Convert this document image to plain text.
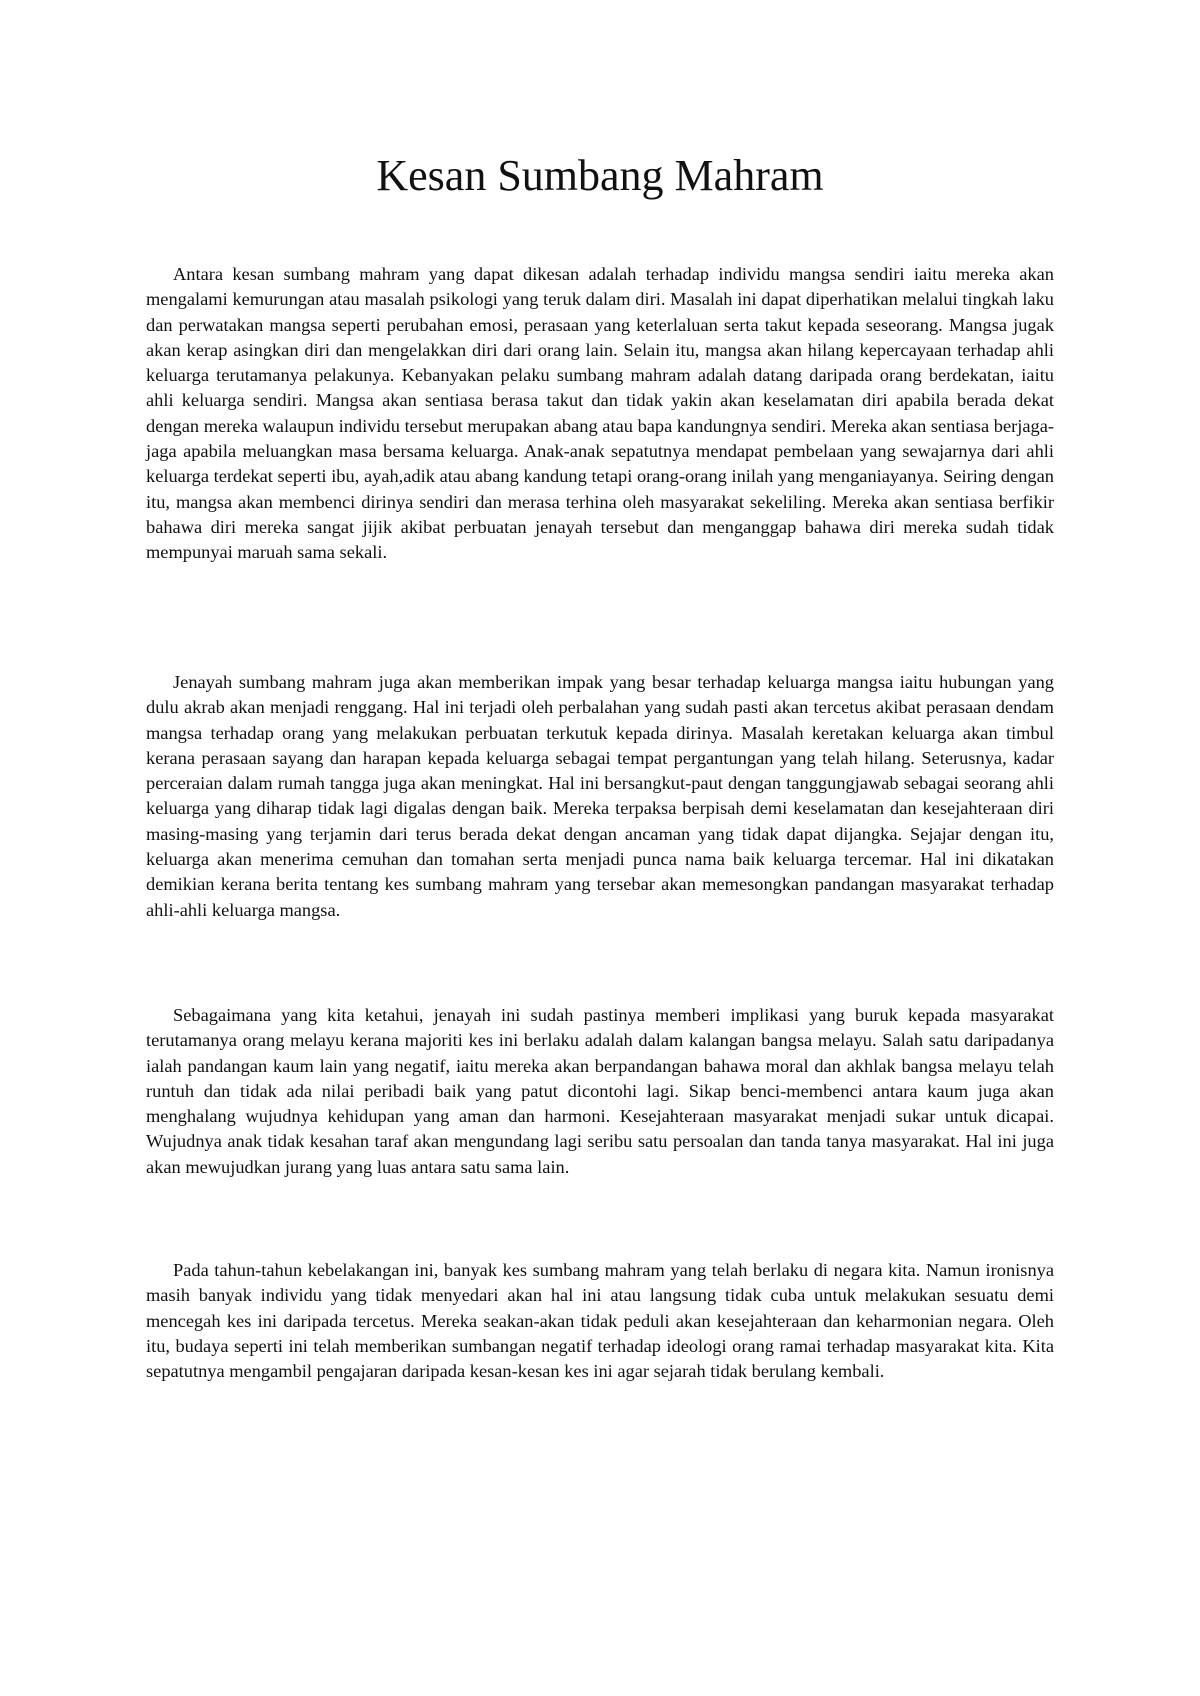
Kesan Sumbang Mahram

Antara kesan sumbang mahram yang dapat dikesan adalah terhadap individu mangsa sendiri iaitu mereka akan mengalami kemurungan atau masalah psikologi yang teruk dalam diri. Masalah ini dapat diperhatikan melalui tingkah laku dan perwatakan mangsa seperti perubahan emosi, perasaan yang keterlaluan serta takut kepada seseorang. Mangsa jugak akan kerap asingkan diri dan mengelakkan diri dari orang lain. Selain itu, mangsa akan hilang kepercayaan terhadap ahli keluarga terutamanya pelakunya. Kebanyakan pelaku sumbang mahram adalah datang daripada orang berdekatan, iaitu ahli keluarga sendiri. Mangsa akan sentiasa berasa takut dan tidak yakin akan keselamatan diri apabila berada dekat dengan mereka walaupun individu tersebut merupakan abang atau bapa kandungnya sendiri. Mereka akan sentiasa berjaga-jaga apabila meluangkan masa bersama keluarga. Anak-anak sepatutnya mendapat pembelaan yang sewajarnya dari ahli keluarga terdekat seperti ibu, ayah,adik atau abang kandung tetapi orang-orang inilah yang menganiayanya. Seiring dengan itu, mangsa akan membenci dirinya sendiri dan merasa terhina oleh masyarakat sekeliling. Mereka akan sentiasa berfikir bahawa diri mereka sangat jijik akibat perbuatan jenayah tersebut dan menganggap bahawa diri mereka sudah tidak mempunyai maruah sama sekali.

Jenayah sumbang mahram juga akan memberikan impak yang besar terhadap keluarga mangsa iaitu hubungan yang dulu akrab akan menjadi renggang. Hal ini terjadi oleh perbalahan yang sudah pasti akan tercetus akibat perasaan dendam mangsa terhadap orang yang melakukan perbuatan terkutuk kepada dirinya. Masalah keretakan keluarga akan timbul kerana perasaan sayang dan harapan kepada keluarga sebagai tempat pergantungan yang telah hilang. Seterusnya, kadar perceraian dalam rumah tangga juga akan meningkat. Hal ini bersangkut-paut dengan tanggungjawab sebagai seorang ahli keluarga yang diharap tidak lagi digalas dengan baik. Mereka terpaksa berpisah demi keselamatan dan kesejahteraan diri masing-masing yang terjamin dari terus berada dekat dengan ancaman yang tidak dapat dijangka. Sejajar dengan itu, keluarga akan menerima cemuhan dan tomahan serta menjadi punca nama baik keluarga tercemar. Hal ini dikatakan demikian kerana berita tentang kes sumbang mahram yang tersebar akan memesongkan pandangan masyarakat terhadap ahli-ahli keluarga mangsa.

Sebagaimana yang kita ketahui, jenayah ini sudah pastinya memberi implikasi yang buruk kepada masyarakat terutamanya orang melayu kerana majoriti kes ini berlaku adalah dalam kalangan bangsa melayu. Salah satu daripadanya ialah pandangan kaum lain yang negatif, iaitu mereka akan berpandangan bahawa moral dan akhlak bangsa melayu telah runtuh dan tidak ada nilai peribadi baik yang patut dicontohi lagi. Sikap benci-membenci antara kaum juga akan menghalang wujudnya kehidupan yang aman dan harmoni. Kesejahteraan masyarakat menjadi sukar untuk dicapai. Wujudnya anak tidak kesahan taraf akan mengundang lagi seribu satu persoalan dan tanda tanya masyarakat. Hal ini juga akan mewujudkan jurang yang luas antara satu sama lain.

Pada tahun-tahun kebelakangan ini, banyak kes sumbang mahram yang telah berlaku di negara kita. Namun ironisnya masih banyak individu yang tidak menyedari akan hal ini atau langsung tidak cuba untuk melakukan sesuatu demi mencegah kes ini daripada tercetus. Mereka seakan-akan tidak peduli akan kesejahteraan dan keharmonian negara. Oleh itu, budaya seperti ini telah memberikan sumbangan negatif terhadap ideologi orang ramai terhadap masyarakat kita. Kita sepatutnya mengambil pengajaran daripada kesan-kesan kes ini agar sejarah tidak berulang kembali.
